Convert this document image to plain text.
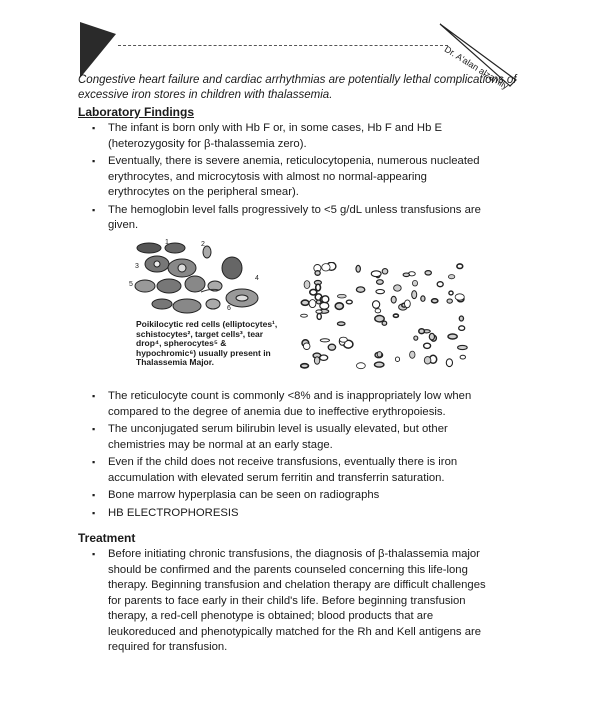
Dr. A'alan alzamily
Congestive heart failure and cardiac arrhythmias are potentially lethal complications of excessive iron stores in children with thalassemia.
Laboratory Findings
▪ The infant is born only with Hb F or, in some cases, Hb F and Hb E (heterozygosity for β-thalassemia zero).
▪ Eventually, there is severe anemia, reticulocytopenia, numerous nucleated erythrocytes, and microcytosis with almost no normal-appearing erythrocytes on the peripheral smear).
▪ The hemoglobin level falls progressively to <5 g/dL unless transfusions are given.
1	2
3
4
5
6
Poikilocytic red cells (elliptocytes¹, schistocytes², target cells³, tear drop⁴, spherocytes⁵ & hypochromic⁶) usually present in Thalassemia Major.
▪ The reticulocyte count is commonly <8% and is inappropriately low when compared to the degree of anemia due to ineffective erythropoiesis.
▪ The unconjugated serum bilirubin level is usually elevated, but other chemistries may be normal at an early stage.
▪ Even if the child does not receive transfusions, eventually there is iron accumulation with elevated serum ferritin and transferrin saturation.
▪ Bone marrow hyperplasia can be seen on radiographs
▪ HB ELECTROPHORESIS
Treatment
▪ Before initiating chronic transfusions, the diagnosis of β-thalassemia major should be confirmed and the parents counseled concerning this life-long therapy. Beginning transfusion and chelation therapy are difficult challenges for parents to face early in their child's life. Before beginning transfusion therapy, a red-cell phenotype is obtained; blood products that are leukoreduced and phenotypically matched for the Rh and Kell antigens are required for transfusion.
